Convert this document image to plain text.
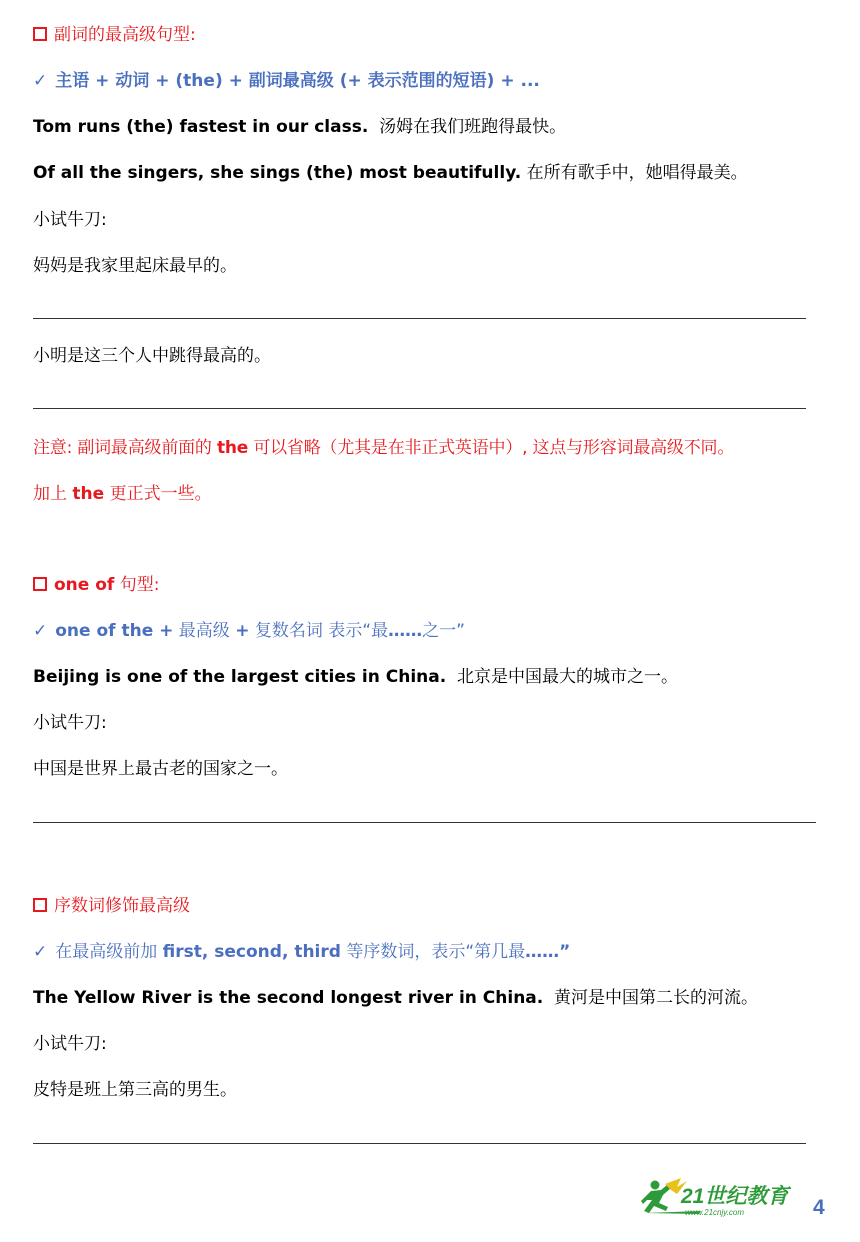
副词的最高级句型:
✓ 主语 + 动词 + (the) + 副词最高级 (+ 表示范围的短语) + ...
Tom runs (the) fastest in our class. 汤姆在我们班跑得最快。
Of all the singers, she sings (the) most beautifully. 在所有歌手中，她唱得最美。
小试牛刀:
妈妈是我家里起床最早的。
小明是这三个人中跳得最高的。
注意: 副词最高级前面的 the 可以省略（尤其是在非正式英语中）, 这点与形容词最高级不同。
加上 the 更正式一些。
one of 句型:
✓ one of the + 最高级 + 复数名词 表示“最……之一”
Beijing is one of the largest cities in China. 北京是中国最大的城市之一。
小试牛刀:
中国是世界上最古老的国家之一。
序数词修饰最高级
✓ 在最高级前加 first, second, third 等序数词，表示“第几最……”
The Yellow River is the second longest river in China. 黄河是中国第二长的河流。
小试牛刀:
皮特是班上第三高的男生。
21世纪教育
www.21cnjy.com	4
